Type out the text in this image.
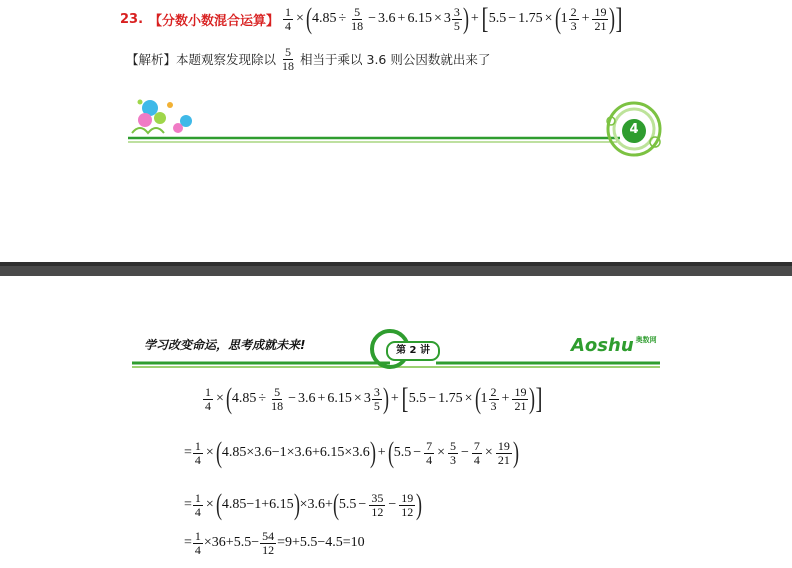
23. 【分数小数混合运算】 $\frac{1}{4}$ × ( $4.85 \div \frac{5}{18} - 3.6 + 6.15 \times 3 \frac{3}{5}$ ) + [ 5.5 − 1.75 × ( $1 \frac{2}{3} + \frac{19}{21}$ ) ]
【解析】本题观察发现除以 $\frac{5}{18}$ 相当于乘以 3.6 则公因数就出来了
4
学习改变命运，思考成就未来!	第 2 讲	Aoshu $^{奥数网}$
$\frac{1}{4}$ × ( $4.85 \div \frac{5}{18} - 3.6 + 6.15 \times 3 \frac{3}{5}$ ) + [ 5.5 − 1.75 × ( $1 \frac{2}{3} + \frac{19}{21}$ ) ]
= $\frac{1}{4}$ × ( 4.85×3.6−1×3.6+6.15×3.6 ) + ( $5.5 - \frac{7}{4} \times \frac{5}{3} - \frac{7}{4} \times \frac{19}{21}$ )
= $\frac{1}{4}$ × ( 4.85−1+6.15 ) ×3.6+ ( $5.5 - \frac{35}{12} - \frac{19}{12}$ )
= $\frac{1}{4} \times 36+5.5- \frac{54}{12} =9+5.5-4.5=10$
